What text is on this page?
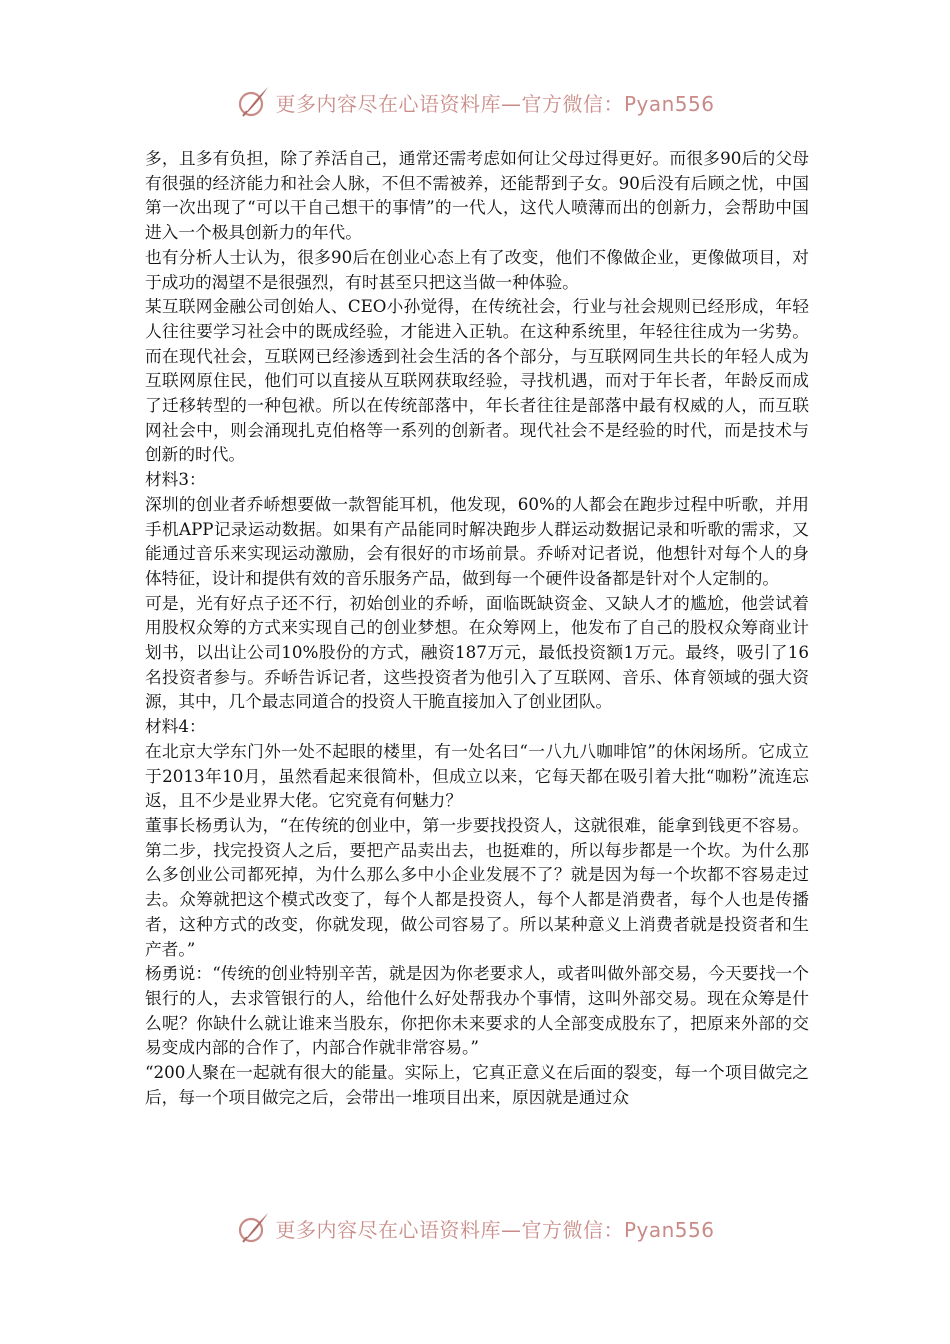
更多内容尽在心语资料库—官方微信：Pyan556

多，且多有负担，除了养活自己，通常还需考虑如何让父母过得更好。而很多90后的父母有很强的经济能力和社会人脉，不但不需被养，还能帮到子女。90后没有后顾之忧，中国第一次出现了“可以干自己想干的事情”的一代人，这代人喷薄而出的创新力，会帮助中国进入一个极具创新力的年代。

也有分析人士认为，很多90后在创业心态上有了改变，他们不像做企业，更像做项目，对于成功的渴望不是很强烈，有时甚至只把这当做一种体验。

某互联网金融公司创始人、CEO小孙觉得，在传统社会，行业与社会规则已经形成，年轻人往往要学习社会中的既成经验，才能进入正轨。在这种系统里，年轻往往成为一劣势。而在现代社会，互联网已经渗透到社会生活的各个部分，与互联网同生共长的年轻人成为互联网原住民，他们可以直接从互联网获取经验，寻找机遇，而对于年长者，年龄反而成了迁移转型的一种包袱。所以在传统部落中，年长者往往是部落中最有权威的人，而互联网社会中，则会涌现扎克伯格等一系列的创新者。现代社会不是经验的时代，而是技术与创新的时代。

材料3：

深圳的创业者乔峤想要做一款智能耳机，他发现，60%的人都会在跑步过程中听歌，并用手机APP记录运动数据。如果有产品能同时解决跑步人群运动数据记录和听歌的需求，又能通过音乐来实现运动激励，会有很好的市场前景。乔峤对记者说，他想针对每个人的身体特征，设计和提供有效的音乐服务产品，做到每一个硬件设备都是针对个人定制的。

可是，光有好点子还不行，初始创业的乔峤，面临既缺资金、又缺人才的尴尬，他尝试着用股权众筹的方式来实现自己的创业梦想。在众筹网上，他发布了自己的股权众筹商业计划书，以出让公司10%股份的方式，融资187万元，最低投资额1万元。最终，吸引了16名投资者参与。乔峤告诉记者，这些投资者为他引入了互联网、音乐、体育领域的强大资源，其中，几个最志同道合的投资人干脆直接加入了创业团队。

材料4：

在北京大学东门外一处不起眼的楼里，有一处名曰“一八九八咖啡馆”的休闲场所。它成立于2013年10月，虽然看起来很简朴，但成立以来，它每天都在吸引着大批“咖粉”流连忘返，且不少是业界大佬。它究竟有何魅力？

董事长杨勇认为，“在传统的创业中，第一步要找投资人，这就很难，能拿到钱更不容易。第二步，找完投资人之后，要把产品卖出去，也挺难的，所以每步都是一个坎。为什么那么多创业公司都死掉，为什么那么多中小企业发展不了？就是因为每一个坎都不容易走过去。众筹就把这个模式改变了，每个人都是投资人，每个人都是消费者，每个人也是传播者，这种方式的改变，你就发现，做公司容易了。所以某种意义上消费者就是投资者和生产者。”

杨勇说：“传统的创业特别辛苦，就是因为你老要求人，或者叫做外部交易，今天要找一个银行的人，去求管银行的人，给他什么好处帮我办个事情，这叫外部交易。现在众筹是什么呢？你缺什么就让谁来当股东，你把你未来要求的人全部变成股东了，把原来外部的交易变成内部的合作了，内部合作就非常容易。”

“200人聚在一起就有很大的能量。实际上，它真正意义在后面的裂变，每一个项目做完之后，每一个项目做完之后，会带出一堆项目出来，原因就是通过众

更多内容尽在心语资料库—官方微信：Pyan556
